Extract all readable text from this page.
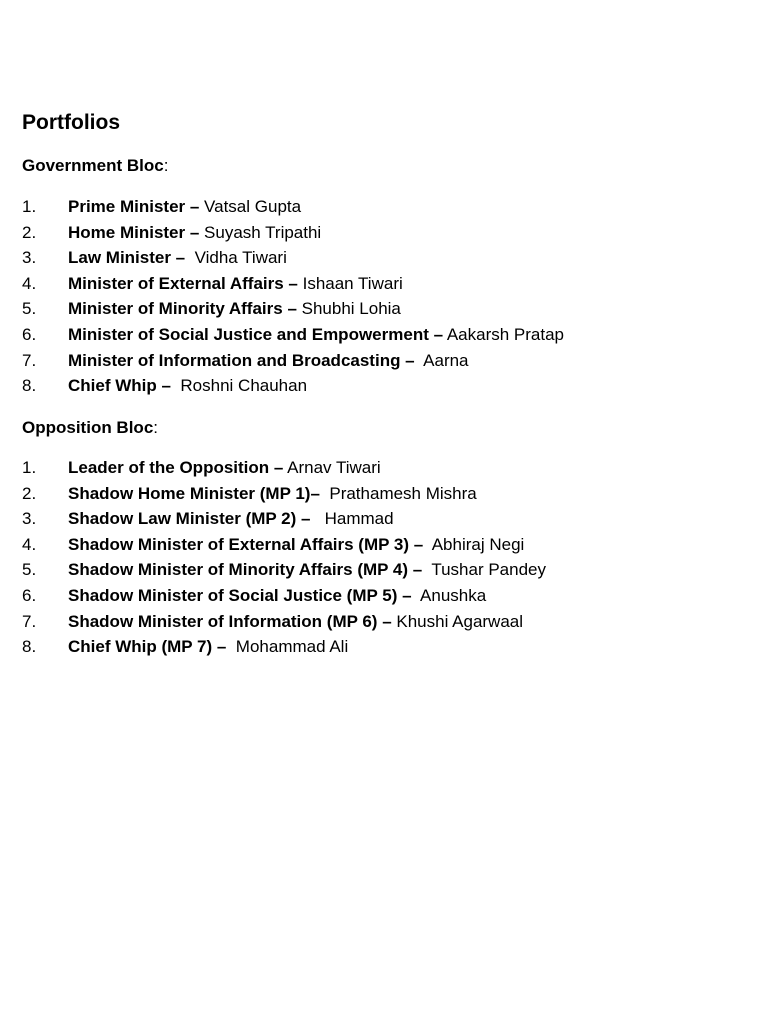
Portfolios

Government Bloc:

1.	Prime Minister – Vatsal Gupta
2.	Home Minister – Suyash Tripathi
3.	Law Minister –  Vidha Tiwari
4.	Minister of External Affairs – Ishaan Tiwari
5.	Minister of Minority Affairs – Shubhi Lohia
6.	Minister of Social Justice and Empowerment – Aakarsh Pratap
7.	Minister of Information and Broadcasting –  Aarna
8.	Chief Whip –  Roshni Chauhan

Opposition Bloc:

1.	Leader of the Opposition – Arnav Tiwari
2.	Shadow Home Minister (MP 1)–  Prathamesh Mishra
3.	Shadow Law Minister (MP 2) –   Hammad
4.	Shadow Minister of External Affairs (MP 3) –  Abhiraj Negi
5.	Shadow Minister of Minority Affairs (MP 4) –  Tushar Pandey
6.	Shadow Minister of Social Justice (MP 5) –  Anushka
7.	Shadow Minister of Information (MP 6) – Khushi Agarwaal
8.	Chief Whip (MP 7) –  Mohammad Ali
